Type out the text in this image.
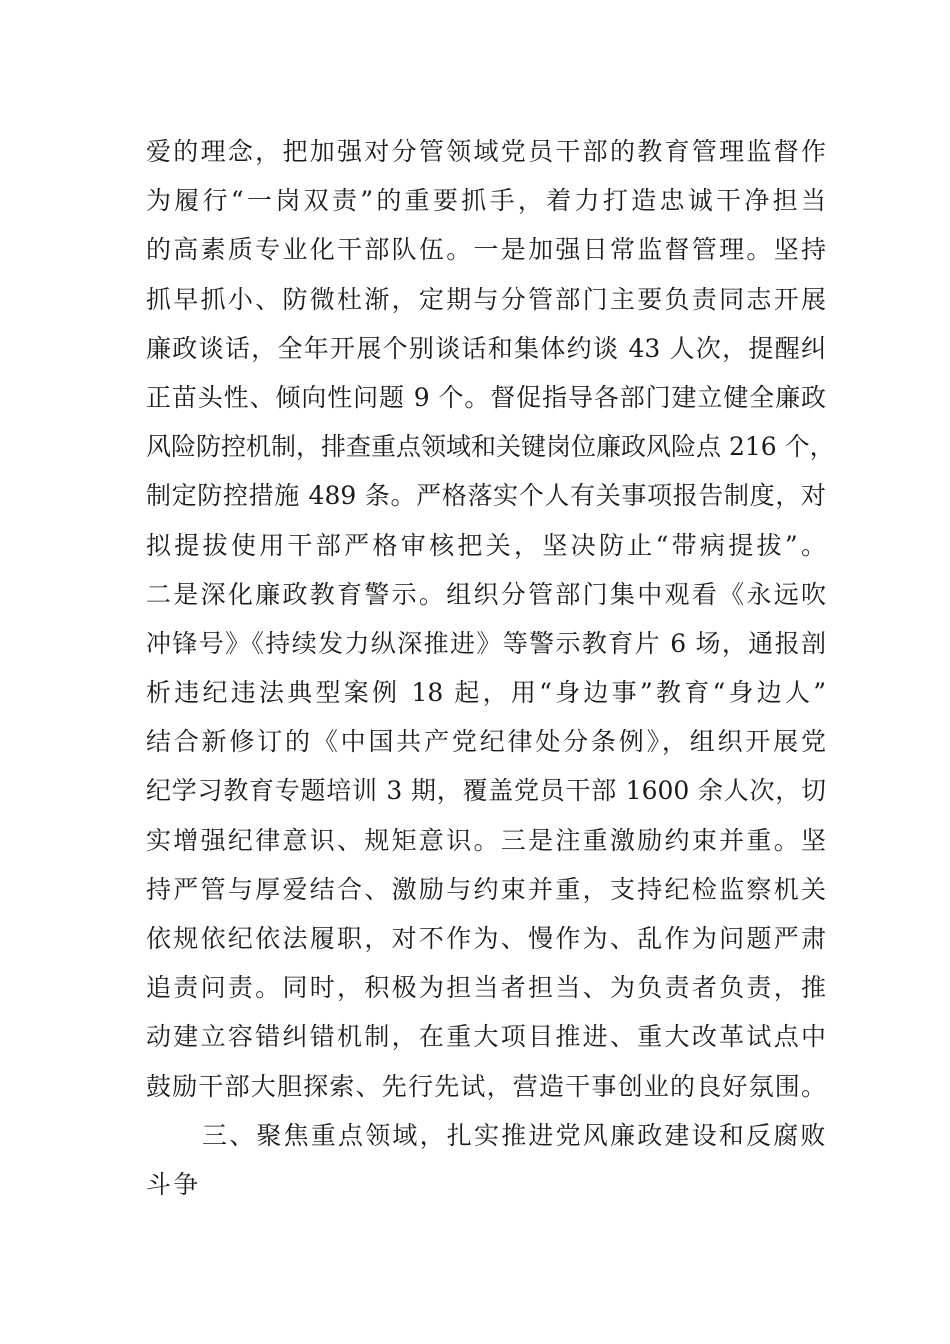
爱的理念，把加强对分管领域党员干部的教育管理监督作
为履行“一岗双责”的重要抓手，着力打造忠诚干净担当
的高素质专业化干部队伍。一是加强日常监督管理。坚持
抓早抓小、防微杜渐，定期与分管部门主要负责同志开展
廉政谈话，全年开展个别谈话和集体约谈 43 人次，提醒纠
正苗头性、倾向性问题 9 个。督促指导各部门建立健全廉政
风险防控机制，排查重点领域和关键岗位廉政风险点 216 个，
制定防控措施 489 条。严格落实个人有关事项报告制度，对
拟提拔使用干部严格审核把关，坚决防止“带病提拔”。
二是深化廉政教育警示。组织分管部门集中观看《永远吹
冲锋号》《持续发力纵深推进》等警示教育片 6 场，通报剖
析违纪违法典型案例 18 起，用“身边事”教育“身边人”
结合新修订的《中国共产党纪律处分条例》，组织开展党
纪学习教育专题培训 3 期，覆盖党员干部 1600 余人次，切
实增强纪律意识、规矩意识。三是注重激励约束并重。坚
持严管与厚爱结合、激励与约束并重，支持纪检监察机关
依规依纪依法履职，对不作为、慢作为、乱作为问题严肃
追责问责。同时，积极为担当者担当、为负责者负责，推
动建立容错纠错机制，在重大项目推进、重大改革试点中
鼓励干部大胆探索、先行先试，营造干事创业的良好氛围。
三、聚焦重点领域，扎实推进党风廉政建设和反腐败
斗争
